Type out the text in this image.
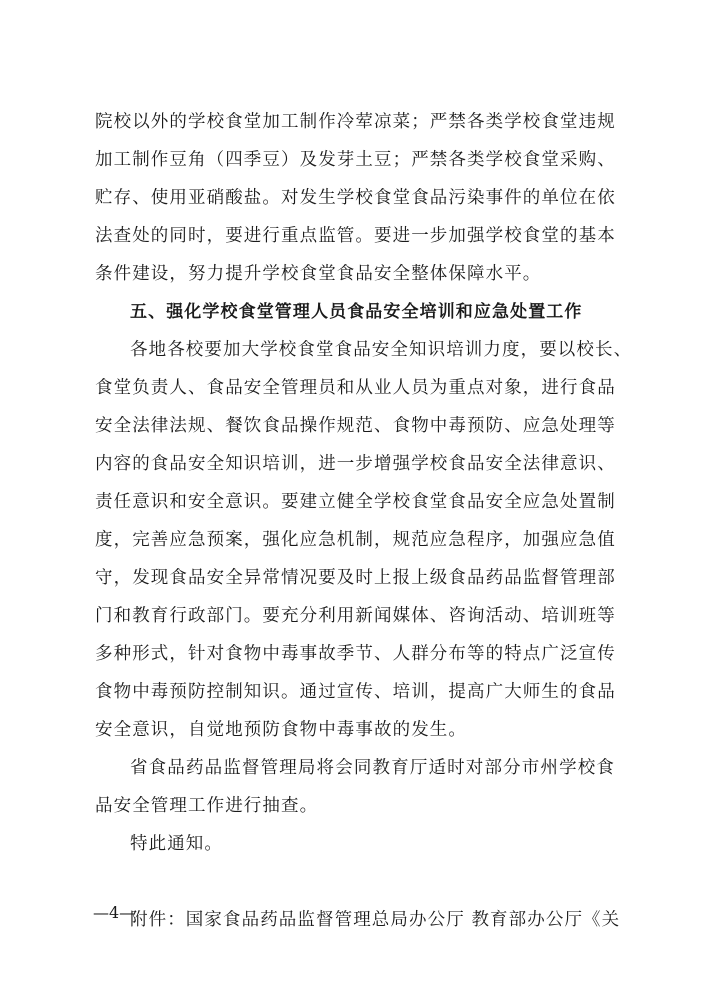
院校以外的学校食堂加工制作冷荤凉菜；严禁各类学校食堂违规
加工制作豆角（四季豆）及发芽土豆；严禁各类学校食堂采购、
贮存、使用亚硝酸盐。对发生学校食堂食品污染事件的单位在依
法查处的同时，要进行重点监管。要进一步加强学校食堂的基本
条件建设，努力提升学校食堂食品安全整体保障水平。
五、强化学校食堂管理人员食品安全培训和应急处置工作
各地各校要加大学校食堂食品安全知识培训力度，要以校长、
食堂负责人、食品安全管理员和从业人员为重点对象，进行食品
安全法律法规、餐饮食品操作规范、食物中毒预防、应急处理等
内容的食品安全知识培训，进一步增强学校食品安全法律意识、
责任意识和安全意识。要建立健全学校食堂食品安全应急处置制
度，完善应急预案，强化应急机制，规范应急程序，加强应急值
守，发现食品安全异常情况要及时上报上级食品药品监督管理部
门和教育行政部门。要充分利用新闻媒体、咨询活动、培训班等
多种形式，针对食物中毒事故季节、人群分布等的特点广泛宣传
食物中毒预防控制知识。通过宣传、培训，提高广大师生的食品
安全意识，自觉地预防食物中毒事故的发生。
省食品药品监督管理局将会同教育厅适时对部分市州学校食
品安全管理工作进行抽查。
特此通知。
附件：国家食品药品监督管理总局办公厅 教育部办公厅《关
—4—
